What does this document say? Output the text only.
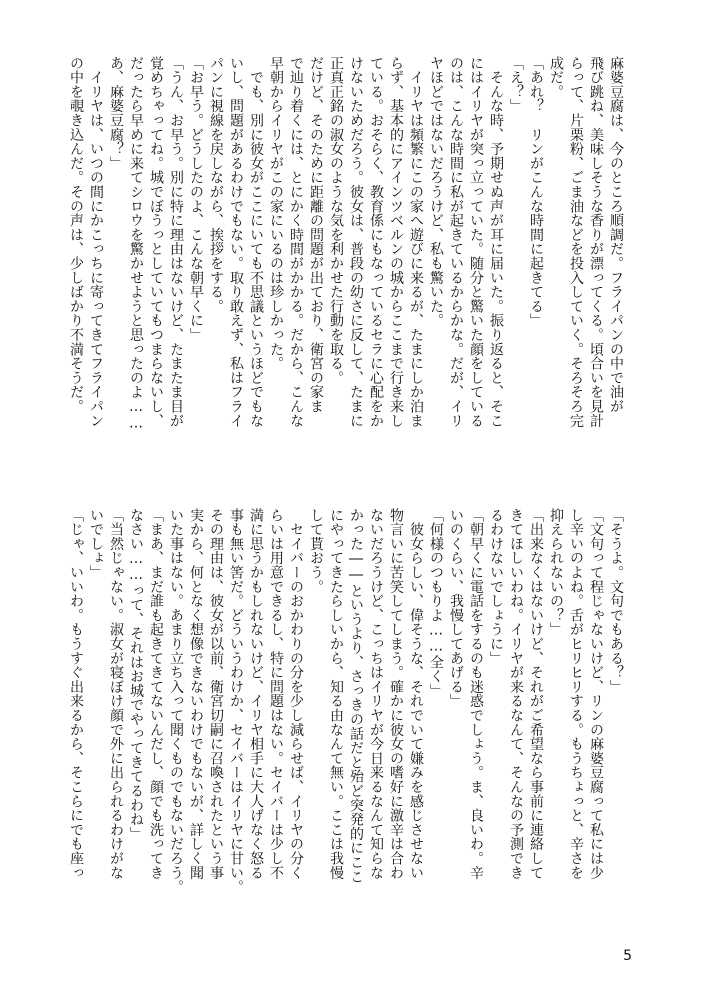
麻婆豆腐は、今のところ順調だ。フライパンの中で油が
飛び跳ね、美味しそうな香りが漂ってくる。頃合いを見計
らって、片栗粉、ごま油などを投入していく。そろそろ完
成だ。
「あれ？　リンがこんな時間に起きてる」
「え？」
　そんな時、予期せぬ声が耳に届いた。振り返ると、そこ
にはイリヤが突っ立っていた。随分と驚いた顔をしている
のは、こんな時間に私が起きているからかな。だが、イリ
ヤほどではないだろうけど、私も驚いた。
　イリヤは頻繁にこの家へ遊びに来るが、たまにしか泊ま
らず、基本的にアインツベルンの城からここまで行き来し
ている。おそらく、教育係にもなっているセラに心配をか
けないためだろう。彼女は、普段の幼さに反して、たまに
正真正銘の淑女のような気を利かせた行動を取る。
だけど、そのために距離の問題が出ており、衛宮の家ま
で辿り着くには、とにかく時間がかかる。だから、こんな
早朝からイリヤがこの家にいるのは珍しかった。
　でも、別に彼女がここにいても不思議というほどでもな
いし、問題があるわけでもない。取り敢えず、私はフライ
パンに視線を戻しながら、挨拶をする。
「お早う。どうしたのよ、こんな朝早くに」
「うん、お早う。別に特に理由はないけど、たまたま目が
覚めちゃってね。城でぼうっとしていてもつまらないし、
だったら早めに来てシロウを驚かせようと思ったのよ……
あ、麻婆豆腐？」
　イリヤは、いつの間にかこっちに寄ってきてフライパン
の中を覗き込んだ。その声は、少しばかり不満そうだ。
「そうよ。文句でもある？」
「文句って程じゃないけど、リンの麻婆豆腐って私には少
し辛いのよね。舌がヒリヒリする。もうちょっと、辛さを
抑えられないの？」
「出来なくはないけど、それがご希望なら事前に連絡して
きてほしいわね。イリヤが来るなんて、そんなの予測でき
るわけないでしょうに」
「朝早くに電話をするのも迷惑でしょう。ま、良いわ。辛
いのくらい、我慢してあげる」
「何様のつもりよ……全く」
　彼女らしい、偉そうな、それでいて嫌みを感じさせない
物言いに苦笑してしまう。確かに彼女の嗜好に激辛は合わ
ないだろうけど、こっちはイリヤが今日来るなんて知らな
かった――というより、さっきの話だと殆ど突発的にここ
にやってきたらしいから、知る由なんて無い。ここは我慢
して貰おう。
　セイバーのおかわりの分を少し減らせば、イリヤの分く
らいは用意できるし、特に問題はない。セイバーは少し不
満に思うかもしれないけど、イリヤ相手に大人げなく怒る
事も無い筈だ。どういうわけか、セイバーはイリヤに甘い。
その理由は、彼女が以前、衛宮切嗣に召喚されたという事
実から、何となく想像できないわけでもないが、詳しく聞
いた事はない。あまり立ち入って聞くものでもないだろう。
「まあ、まだ誰も起きてきてないんだし、顔でも洗ってき
なさい……って、それはお城でやってきてるわね」
「当然じゃない。淑女が寝ぼけ顔で外に出られるわけがな
いでしょ」
「じゃ、いいわ。もうすぐ出来るから、そこらにでも座っ
5
